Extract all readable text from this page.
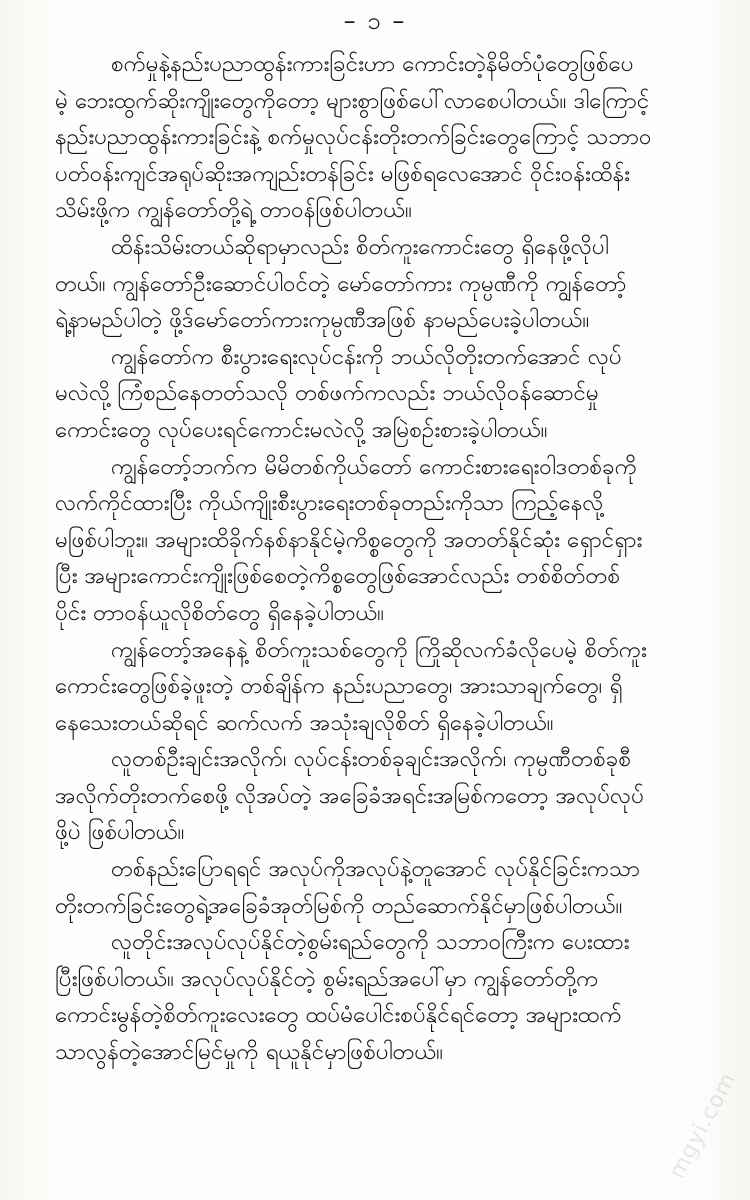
– ၁ –
စက်မှုနဲ့နည်းပညာထွန်းကားခြင်းဟာ ကောင်းတဲ့နိမိတ်ပုံတွေဖြစ်ပေ
မဲ့ ဘေးထွက်ဆိုးကျိုးတွေကိုတော့ များစွာဖြစ်ပေါ်လာစေပါတယ်။ ဒါကြောင့်
နည်းပညာထွန်းကားခြင်းနဲ့ စက်မှုလုပ်ငန်းတိုးတက်ခြင်းတွေကြောင့် သဘာဝ
ပတ်ဝန်းကျင်အရုပ်ဆိုးအကျည်းတန်ခြင်း မဖြစ်ရလေအောင် ဝိုင်းဝန်းထိန်း
သိမ်းဖို့က ကျွန်တော်တို့ရဲ့ တာဝန်ဖြစ်ပါတယ်။
ထိန်းသိမ်းတယ်ဆိုရာမှာလည်း စိတ်ကူးကောင်းတွေ ရှိနေဖို့လိုပါ
တယ်။ ကျွန်တော်ဦးဆောင်ပါဝင်တဲ့ မော်တော်ကား ကုမ္ပဏီကို ကျွန်တော့်
ရဲ့နာမည်ပါတဲ့ ဖို့ဒ်မော်တော်ကားကုမ္ပဏီအဖြစ် နာမည်ပေးခဲ့ပါတယ်။
ကျွန်တော်က စီးပွားရေးလုပ်ငန်းကို ဘယ်လိုတိုးတက်အောင် လုပ်
မလဲလို့ ကြံစည်နေတတ်သလို တစ်ဖက်ကလည်း ဘယ်လိုဝန်ဆောင်မှု
ကောင်းတွေ လုပ်ပေးရင်ကောင်းမလဲလို့ အမြဲစဉ်းစားခဲ့ပါတယ်။
ကျွန်တော့်ဘက်က မိမိတစ်ကိုယ်တော် ကောင်းစားရေးဝါဒတစ်ခုကို
လက်ကိုင်ထားပြီး ကိုယ်ကျိုးစီးပွားရေးတစ်ခုတည်းကိုသာ ကြည့်နေလို့
မဖြစ်ပါဘူး။ အများထိခိုက်နစ်နာနိုင်မဲ့ကိစ္စတွေကို အတတ်နိုင်ဆုံး ရှောင်ရှား
ပြီး အများကောင်းကျိုးဖြစ်စေတဲ့ကိစ္စတွေဖြစ်အောင်လည်း တစ်စိတ်တစ်
ပိုင်း တာဝန်ယူလိုစိတ်တွေ ရှိနေခဲ့ပါတယ်။
ကျွန်တော့်အနေနဲ့ စိတ်ကူးသစ်တွေကို ကြိုဆိုလက်ခံလိုပေမဲ့ စိတ်ကူး
ကောင်းတွေဖြစ်ခဲ့ဖူးတဲ့ တစ်ချိန်က နည်းပညာတွေ၊ အားသာချက်တွေ၊ ရှိ
နေသေးတယ်ဆိုရင် ဆက်လက် အသုံးချလိုစိတ် ရှိနေခဲ့ပါတယ်။
လူတစ်ဦးချင်းအလိုက်၊ လုပ်ငန်းတစ်ခုချင်းအလိုက်၊ ကုမ္ပဏီတစ်ခုစီ
အလိုက်တိုးတက်စေဖို့ လိုအပ်တဲ့ အခြေခံအရင်းအမြစ်ကတော့ အလုပ်လုပ်
ဖို့ပဲ ဖြစ်ပါတယ်။
တစ်နည်းပြောရရင် အလုပ်ကိုအလုပ်နဲ့တူအောင် လုပ်နိုင်ခြင်းကသာ
တိုးတက်ခြင်းတွေရဲ့အခြေခံအုတ်မြစ်ကို တည်ဆောက်နိုင်မှာဖြစ်ပါတယ်။
လူတိုင်းအလုပ်လုပ်နိုင်တဲ့စွမ်းရည်တွေကို သဘာဝကြီးက ပေးထား
ပြီးဖြစ်ပါတယ်။ အလုပ်လုပ်နိုင်တဲ့ စွမ်းရည်အပေါ်မှာ ကျွန်တော်တို့က
ကောင်းမွန်တဲ့စိတ်ကူးလေးတွေ ထပ်မံပေါင်းစပ်နိုင်ရင်တော့ အများထက်
သာလွန်တဲ့အောင်မြင်မှုကို ရယူနိုင်မှာဖြစ်ပါတယ်။
mgyi.com
